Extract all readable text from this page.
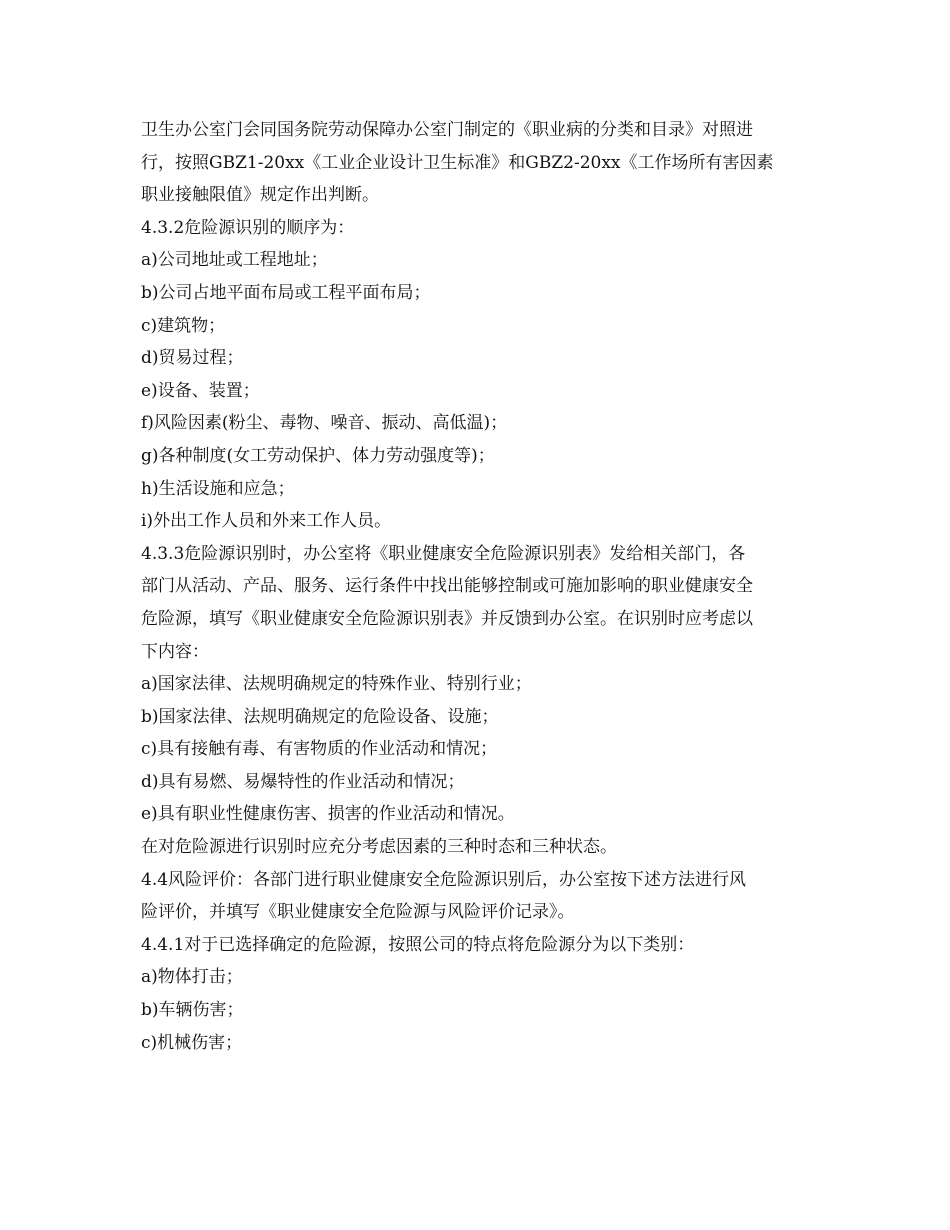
卫生办公室门会同国务院劳动保障办公室门制定的《职业病的分类和目录》对照进
行，按照GBZ1-20xx《工业企业设计卫生标准》和GBZ2-20xx《工作场所有害因素
职业接触限值》规定作出判断。
4.3.2危险源识别的顺序为：
a)公司地址或工程地址；
b)公司占地平面布局或工程平面布局；
c)建筑物；
d)贸易过程；
e)设备、装置；
f)风险因素(粉尘、毒物、噪音、振动、高低温)；
g)各种制度(女工劳动保护、体力劳动强度等)；
h)生活设施和应急；
i)外出工作人员和外来工作人员。
4.3.3危险源识别时，办公室将《职业健康安全危险源识别表》发给相关部门，各
部门从活动、产品、服务、运行条件中找出能够控制或可施加影响的职业健康安全
危险源，填写《职业健康安全危险源识别表》并反馈到办公室。在识别时应考虑以
下内容：
a)国家法律、法规明确规定的特殊作业、特别行业；
b)国家法律、法规明确规定的危险设备、设施；
c)具有接触有毒、有害物质的作业活动和情况；
d)具有易燃、易爆特性的作业活动和情况；
e)具有职业性健康伤害、损害的作业活动和情况。
在对危险源进行识别时应充分考虑因素的三种时态和三种状态。
4.4风险评价：各部门进行职业健康安全危险源识别后，办公室按下述方法进行风
险评价，并填写《职业健康安全危险源与风险评价记录》。
4.4.1对于已选择确定的危险源，按照公司的特点将危险源分为以下类别：
a)物体打击；
b)车辆伤害；
c)机械伤害；
